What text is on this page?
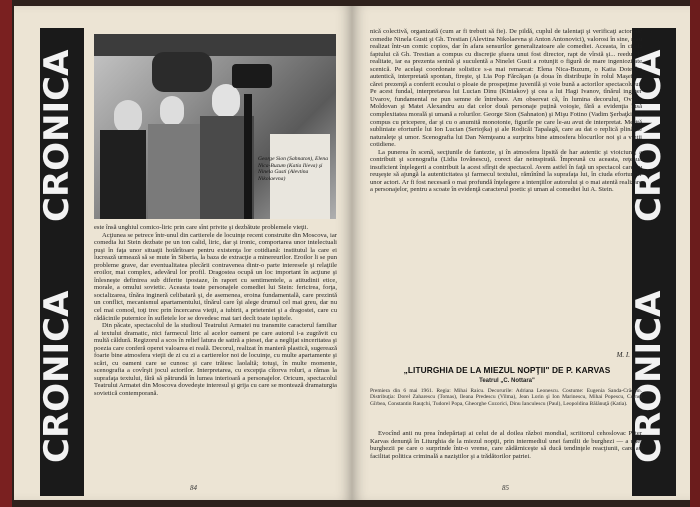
CRONICA
CRONICA
George Sion (Sahnaton), Elena Nica-Buzum (Katia Ilieva) şi Ninela Gusti (Alevtina Nikolaevna)

este însă unghiul comico-liric prin care sînt privite şi dezbătute problemele vieţii.

Acţiunea se petrece într-unul din cartierele de locuinţe recent construite din Moscova, iar comedia lui Stein dezbate pe un ton calid, liric, dar şi ironic, comportarea unor intelectuali puşi în faţa unor situaţii hotărîtoare pentru existenţa lor cotidiană: institutul la care ei lucrează urmează să se mute în Siberia, la baza de extracţie a minereurilor. Eroilor li se pun probleme grave, dar eventualitatea plecării contravenea dintr-o parte interesele şi relaţiile eroilor, mai complex, adevărul lor profil. Dragostea ocupă un loc important în acţiune şi înlesneşte definirea sub diferite ipostaze, în raport cu sentimentele, a atitudinii etice, morale, a omului sovietic. Aceasta toate personajele comediei lui Stein: fericirea, forţa, socializarea, tînăra ingineră celibatară şi, de asemenea, eroina fundamentală, care prezintă un conflict, mecanismul apartamentului, tînărul care îşi alege drumul cel mai greu, dar nu cel mai comod, toţi trec prin încercarea vieţii, a iubirii, a prieteniei şi a dragostei, care cu rădăcinile puternice în sufletele lor se dovedesc mai tari decît toate ispitele.

Din păcate, spectacolul de la studioul Teatrului Armatei nu transmite caracterul familiar al textului dramatic, nici farmecul liric al acelor oameni pe care autorul i-a zugrăvit cu multă căldură. Regizorul a scos în relief latura de satiră a piesei, dar a neglijat sinceritatea şi poezia care conferă operei valoarea ei reală. Decorul, realizat în manieră plastică, sugerează foarte bine atmosfera vieţii de zi cu zi a cartierelor noi de locuinţe, cu multe apartamente şi scări, cu oameni care se cunosc şi care trăiesc laolaltă; totuşi, în multe momente, scenografia a covîrşit jocul actorilor. Interpretarea, cu excepţia cîtorva roluri, a rămas la suprafaţa textului, fără să pătrundă în lumea interioară a personajelor. Oricum, spectacolul Teatrului Armatei din Moscova dovedeşte interesul şi grija cu care se montează dramaturgia sovietică contemporană.

84
CRONICA
CRONICA

nică colectivă, organizată (cum ar fi trebuit să fie). De pildă, cuplul de talentaţi şi verificaţi actori de comedie Ninela Gusti şi Gh. Trestian (Alevtina Nikolaevna şi Anton Antonovici), valorosi în sine, s-au realizat într-un comic copios, dar în afara sensurilor generalizatoare ale comediei. Aceasta, în ciuda faptului că Gh. Trestian a compus cu discreţie şfuera unui fost director, rapt de vîrstă şi... reedus la realitate, iar ea prezenta senină şi suculentă a Ninelei Gusti a rotunjit o figură de mare ingeniozitate scenică. Pe acelaşi coordonate solistice s-a mai remarcat: Elena Nica-Buzum, o Katia Dotenko autentică, interpretată spontan, fireşte, şi Lia Pop Fărcăşan (a doua în distribuţie în rolul Maşei), a cărei prezenţă a conferit ecoului o ploaie de prospeţime juvenilă şi voie bună a actorilor spectacolului. Pe acest fundal, interpretarea lui Lucian Dinu (Kiniakov) şi cea a lui Hagi Ivanov, tînărul inginer Uvarov, fundamental ne pun semne de întrebare. Am observat că, în lumina decorului, Ovidiu Moldovan şi Matei Alexandru au dat celor două personaje puţină voioşie, fără a evidenţia însă complexitatea morală şi umană a rolurilor. George Sion (Sahnaton) şi Mişu Fotino (Vadim Şerbaţki) au compus cu pricepere, dar şi cu o anumită monotonie, figurile pe care le-au avut de interpretat. Merită subliniate eforturile lui Ion Lucian (Seriojka) şi ale Rodicăi Tapalagă, care au dat o replică plină de naturaleţe şi umor. Scenografia lui Dan Nemţeanu a surprins bine atmosfera blocurilor noi şi a vieţii cotidiene.

La punerea în scenă, secţiunile de fantezie, şi în atmosfera lipsită de har autentic şi vioiciune, a contribuit şi scenografia (Lidia Iovănescu), corect dar neinspirată. Împreună cu aceasta, reţeaua insuficient înţelegerii a contribuit la acest sfîrşit de spectacol. Avem astfel în faţă un spectacol care nu reuşeşte să ajungă la autenticitatea şi farmecul textului, rămînînd la suprafaţa lui, în ciuda eforturilor unor actori. Ar fi fost necesară o mai profundă înţelegere a intenţiilor autorului şi o mai atentă realizare a personajelor, pentru a scoate în evidenţă caracterul poetic şi uman al comediei lui A. Stein.

M. I.
„LITURGHIA DE LA MIEZUL NOPŢII" DE P. KARVAS
Teatrul „C. Nottara"
Premiera din 6 mai 1961. Regia: Mihai Raicu. Decorurile: Adriana Leonescu. Costume: Eugenia Sanda-Crăciun. Distribuţia: Dorel Zaharescu (Tomas), Ileana Predescu (Vilma), Jean Lorin şi Ion Marinescu, Mihai Popescu, Cornel Gîrbea, Constantin Rauţchi, Tudorel Popa, Gheorghe Cozorici, Dinu Ianculescu (Paul), Leopoldina Bălănuţă (Katia).

Evocînd anii nu prea îndepărtaţi ai celui de al doilea război mondial, scriitorul cehoslovac Peter Karvas denunţă în Liturghia de la miezul nopţii, prin intermediul unei familii de burghezi — a unei burghezii pe care o surprinde într-o vreme, care zădărniceşte să ducă tendinţele reacţiunii, care au facilitat politica criminală a naziştilor şi a trădătorilor patriei.

85
